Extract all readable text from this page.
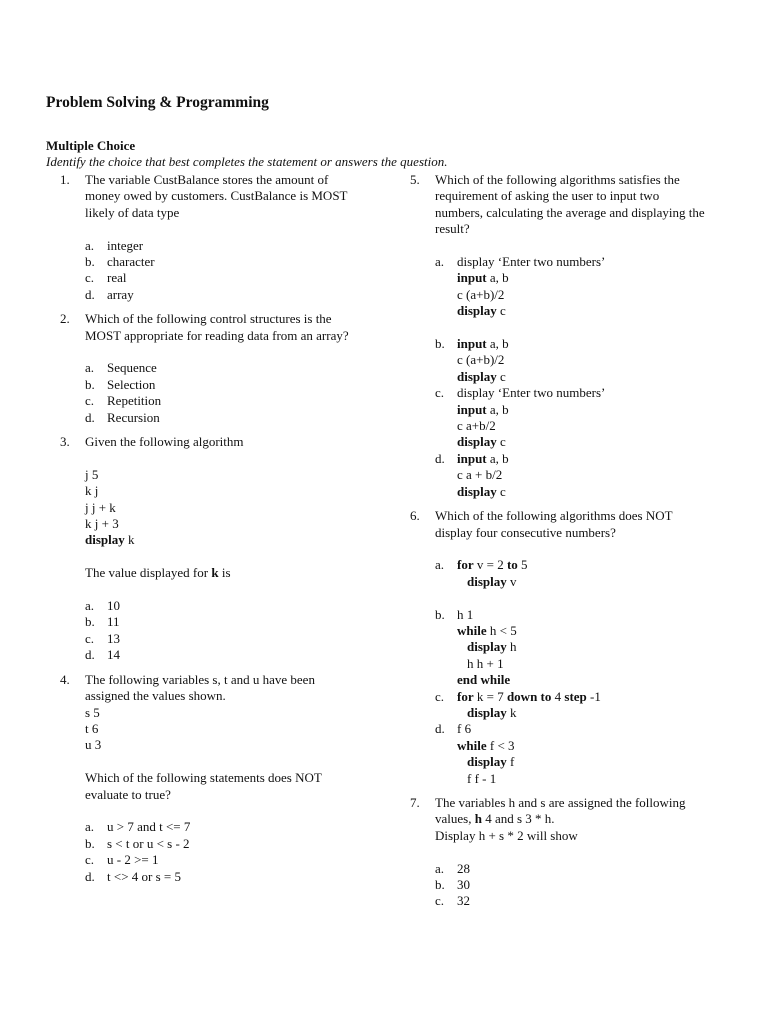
Problem Solving & Programming
Multiple Choice
Identify the choice that best completes the statement or answers the question.
1. The variable CustBalance stores the amount of
money owed by customers. CustBalance is MOST
likely of data type
a. integer
b. character
c. real
d. array
2. Which of the following control structures is the
MOST appropriate for reading data from an array?
a. Sequence
b. Selection
c. Repetition
d. Recursion
3. Given the following algorithm
j 5
k j
j j + k
k j + 3
display k
The value displayed for k is
a. 10
b. 11
c. 13
d. 14
4. The following variables s, t and u have been
assigned the values shown.
s 5
t 6
u 3
Which of the following statements does NOT
evaluate to true?
a. u > 7 and t <= 7
b. s < t or u < s - 2
c. u - 2 >= 1
d. t <> 4 or s = 5
5. Which of the following algorithms satisfies the
requirement of asking the user to input two
numbers, calculating the average and displaying the
result?
a. display ‘Enter two numbers’
input a, b
c (a+b)/2
display c
b. input a, b
c (a+b)/2
display c
c. display ‘Enter two numbers’
input a, b
c a+b/2
display c
d. input a, b
c a + b/2
display c
6. Which of the following algorithms does NOT
display four consecutive numbers?
a. for v = 2 to 5
display v
b. h 1
while h < 5
display h
h h + 1
end while
c. for k = 7 down to 4 step -1
display k
d. f 6
while f < 3
display f
f f - 1
7. The variables h and s are assigned the following
values, h 4 and s 3 * h.
Display h + s * 2 will show
a. 28
b. 30
c. 32
